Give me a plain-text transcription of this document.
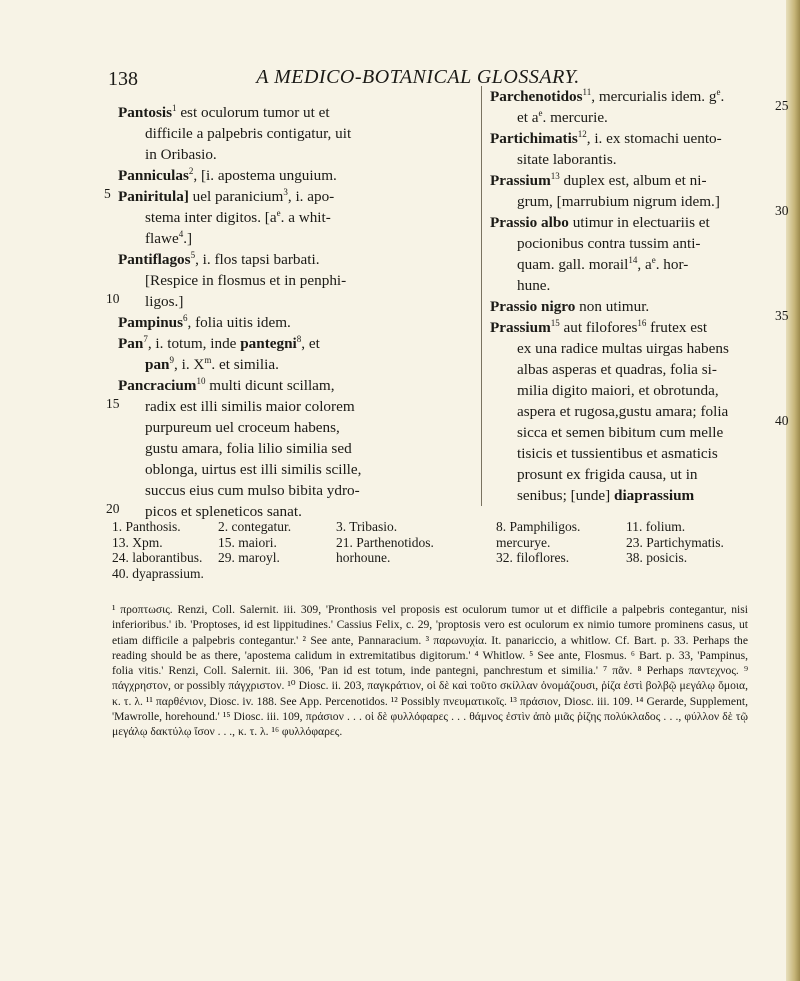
138	A MEDICO-BOTANICAL GLOSSARY.
Pantosis$^1$ est oculorum tumor ut et
difficile a palpebris contigatur, uit
in Oribasio.
Panniculas$^2$, [i. apostema unguium.
Paniritula] uel paranicium$^3$, i. apo-
stema inter digitos. [$a^e$. a whit-
flawe$^4$.]
Pantiflagos$^5$, i. flos tapsi barbati.
[Respice in flosmus et in penphi-
ligos.]
Pampinus$^6$, folia uitis idem.
Pan$^7$, i. totum, inde pantegni$^8$, et
pan$^9$, i. $X^m$. et similia.
Pancracium$^{10}$ multi dicunt scillam,
radix est illi similis maior colorem
purpureum uel croceum habens,
gustu amara, folia lilio similia sed
oblonga, uirtus est illi similis scille,
succus eius cum mulso bibita ydro-
picos et spleneticos sanat.
5
10
15
20
Parchenotidos$^{11}$, mercurialis idem. $g^e$.
et $a^e$. mercurie.
Partichimatis$^{12}$, i. ex stomachi uento-
sitate laborantis.
Prassium$^{13}$ duplex est, album et ni-
grum, [marrubium nigrum idem.]
Prassio albo utimur in electuariis et
pocionibus contra tussim anti-
quam. gall. morail$^{14}$, $a^e$. hor-
hune.
Prassio nigro non utimur.
Prassium$^{15}$ aut filofores$^{16}$ frutex est
ex una radice multas uirgas habens
albas asperas et quadras, folia si-
milia digito maiori, et obrotunda,
aspera et rugosa,gustu amara; folia
sicca et semen bibitum cum melle
tisicis et tussientibus et asmaticis
prosunt ex frigida causa, ut in
senibus; [unde] diaprassium
25
30
35
40
1. Panthosis.	2. contegatur.	3. Tribasio.	8. Pamphiligos.	11. folium.
13. Xpm.	15. maiori.	21. Parthenotidos.	mercurye.	23. Partichymatis.
24. laborantibus.	29. maroyl.	horhoune.	32. filoflores.	38. posicis.
40. dyaprassium.

¹ προπτωσις. Renzi, Coll. Salernit. iii. 309, 'Pronthosis vel proposis est oculorum tumor ut et difficile a palpebris contegantur, nisi inferioribus.' ib. 'Proptoses, id est lippitudines.' Cassius Felix, c. 29, 'proptosis vero est oculorum ex nimio tumore prominens casus, ut etiam difficile a palpebris contegantur.' ² See ante, Pannaracium. ³ παρωνυχία. It. panariccio, a whitlow. Cf. Bart. p. 33. Perhaps the reading should be as there, 'apostema calidum in extremitatibus digitorum.' ⁴ Whitlow. ⁵ See ante, Flosmus. ⁶ Bart. p. 33, 'Pampinus, folia vitis.' Renzi, Coll. Salernit. iii. 306, 'Pan id est totum, inde pantegni, panchrestum et similia.' ⁷ πᾶν. ⁸ Perhaps παντεχνος. ⁹ πάγχρηστον, or possibly πάγχριστον. ¹⁰ Diosc. ii. 203, παγκράτιον, οἱ δὲ καὶ τοῦτο σκίλλαν ὀνομάζουσι, ῥίζα ἐστὶ βολβῷ μεγάλῳ ὅμοια, κ. τ. λ. ¹¹ παρθένιον, Diosc. iv. 188. See App. Percenotidos. ¹² Possibly πνευματικοῖς. ¹³ πράσιον, Diosc. iii. 109. ¹⁴ Gerarde, Supplement, 'Mawrolle, horehound.' ¹⁵ Diosc. iii. 109, πράσιον . . . οἱ δὲ φυλλόφαρες . . . θάμνος ἐστὶν ἀπὸ μιᾶς ῥίζης πολύκλαδος . . ., φύλλον δὲ τῷ μεγάλῳ δακτύλῳ ἴσον . . ., κ. τ. λ. ¹⁶ φυλλόφαρες.
